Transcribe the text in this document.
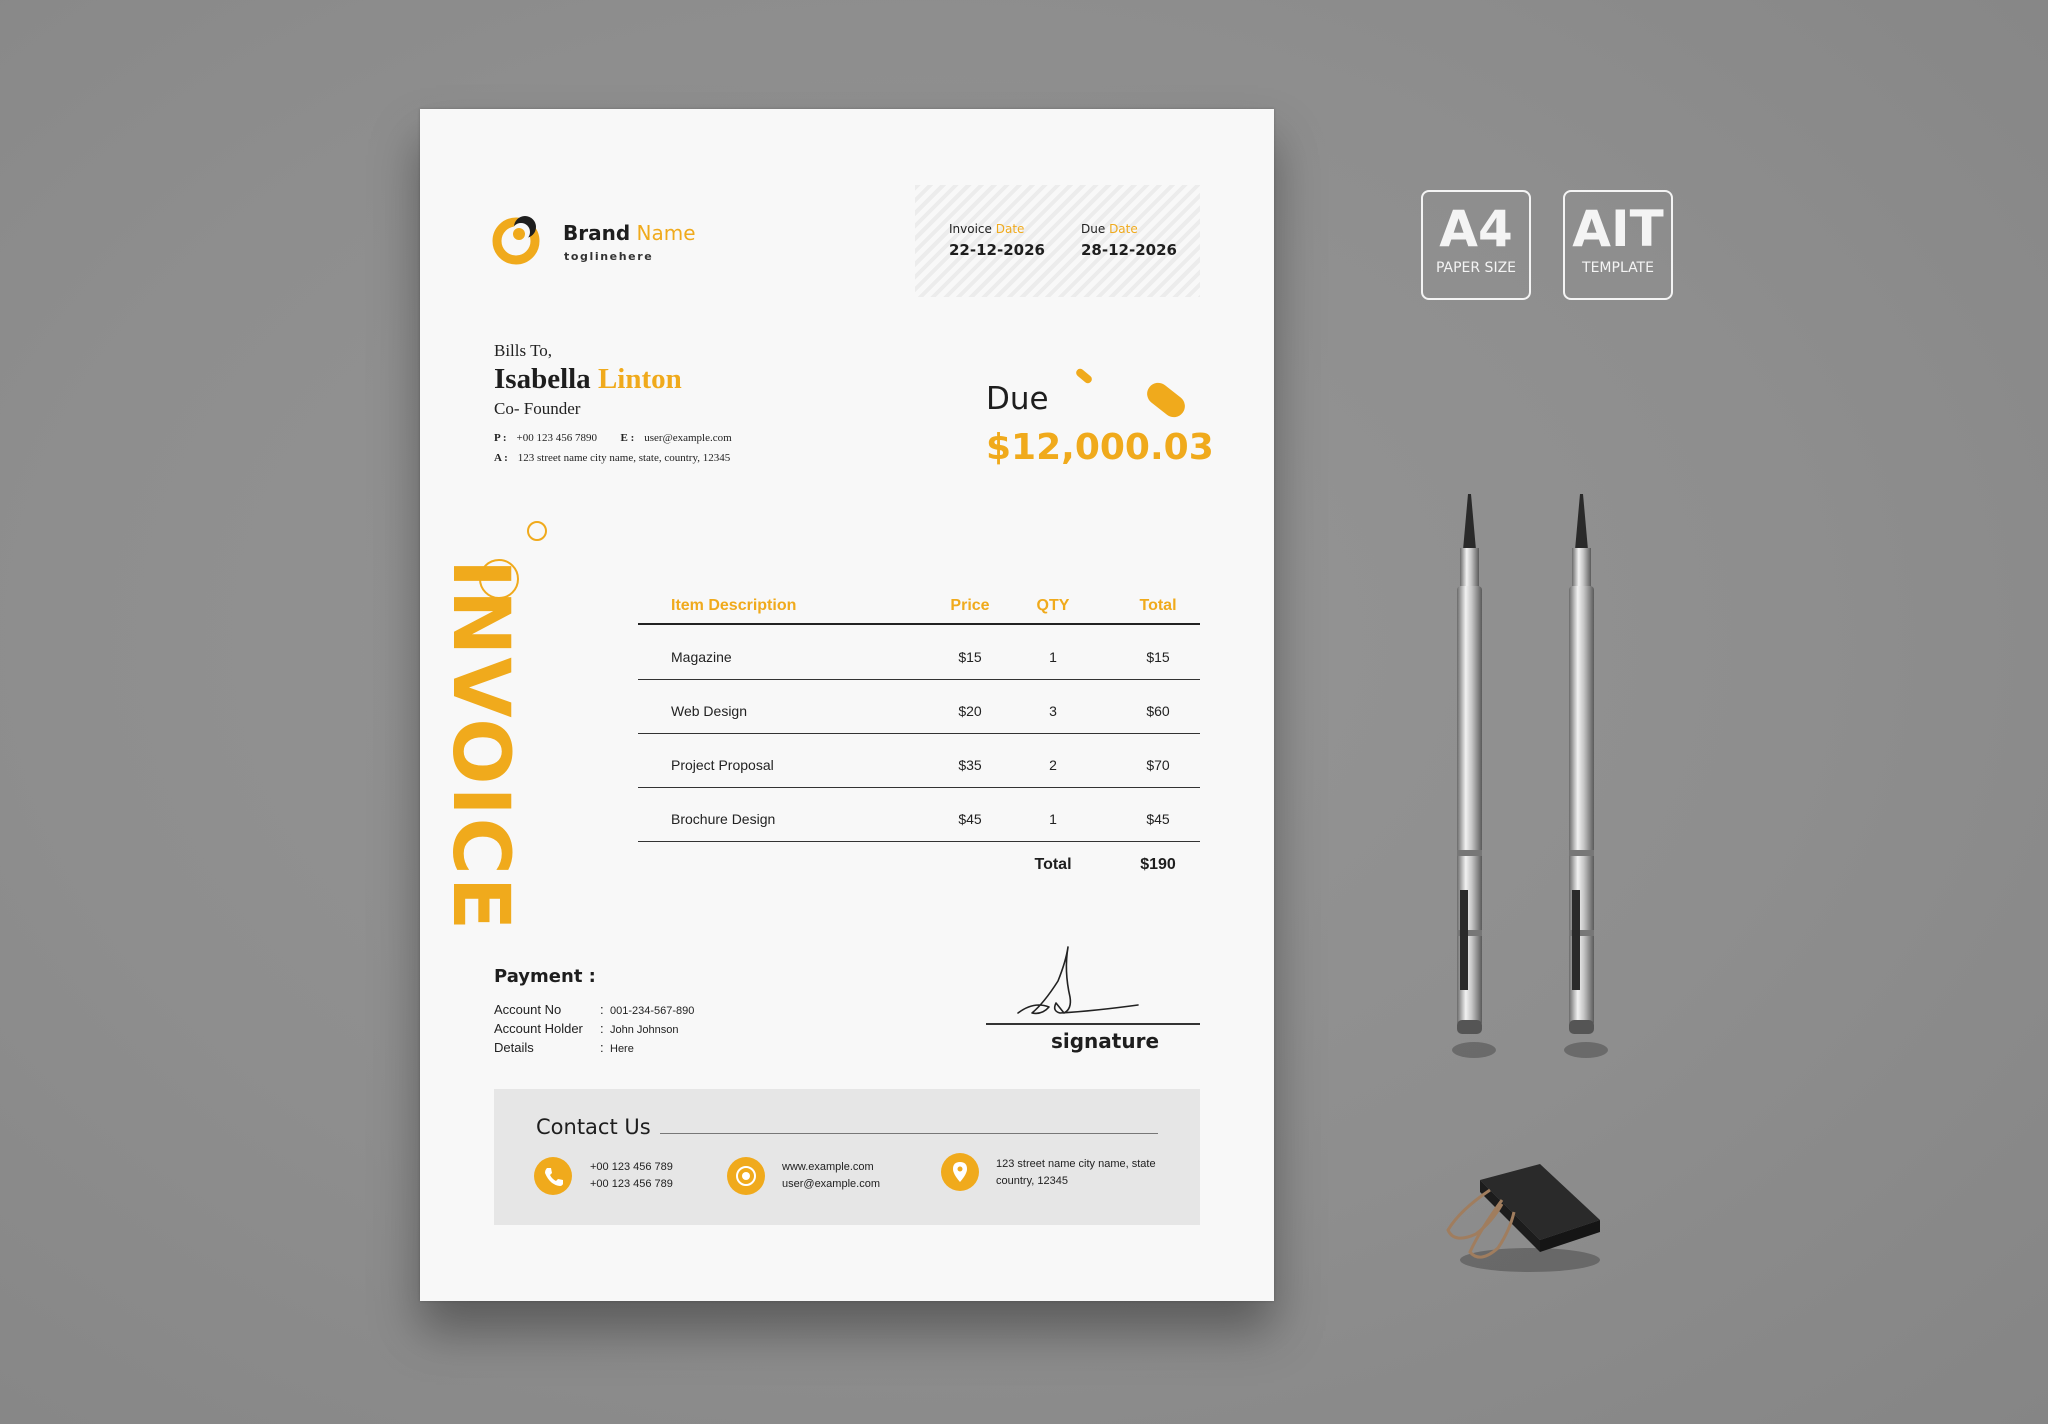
Brand Name
toglinehere
Invoice Date
22-12-2026
Due Date
28-12-2026
Bills To,
Isabella Linton
Co- Founder
P : +00 123 456 7890 E : user@example.com
A : 123 street name city name, state, country, 12345
Due
$12,000.03
INVOICE	Item Description	Price	QTY	Total
Magazine	$15	1	$15
Web Design	$20	3	$60
Project Proposal	$35	2	$70
Brochure Design	$45	1	$45
Total	$190
Payment :
Account No	: 001-234-567-890
Account Holder : John Johnson
Details	: Here	signature
Contact Us
+00 123 456 789
+00 123 456 789
www.example.com
user@example.com
123 street name city name, state
country, 12345
A4
PAPER SIZE
AIT
TEMPLATE
